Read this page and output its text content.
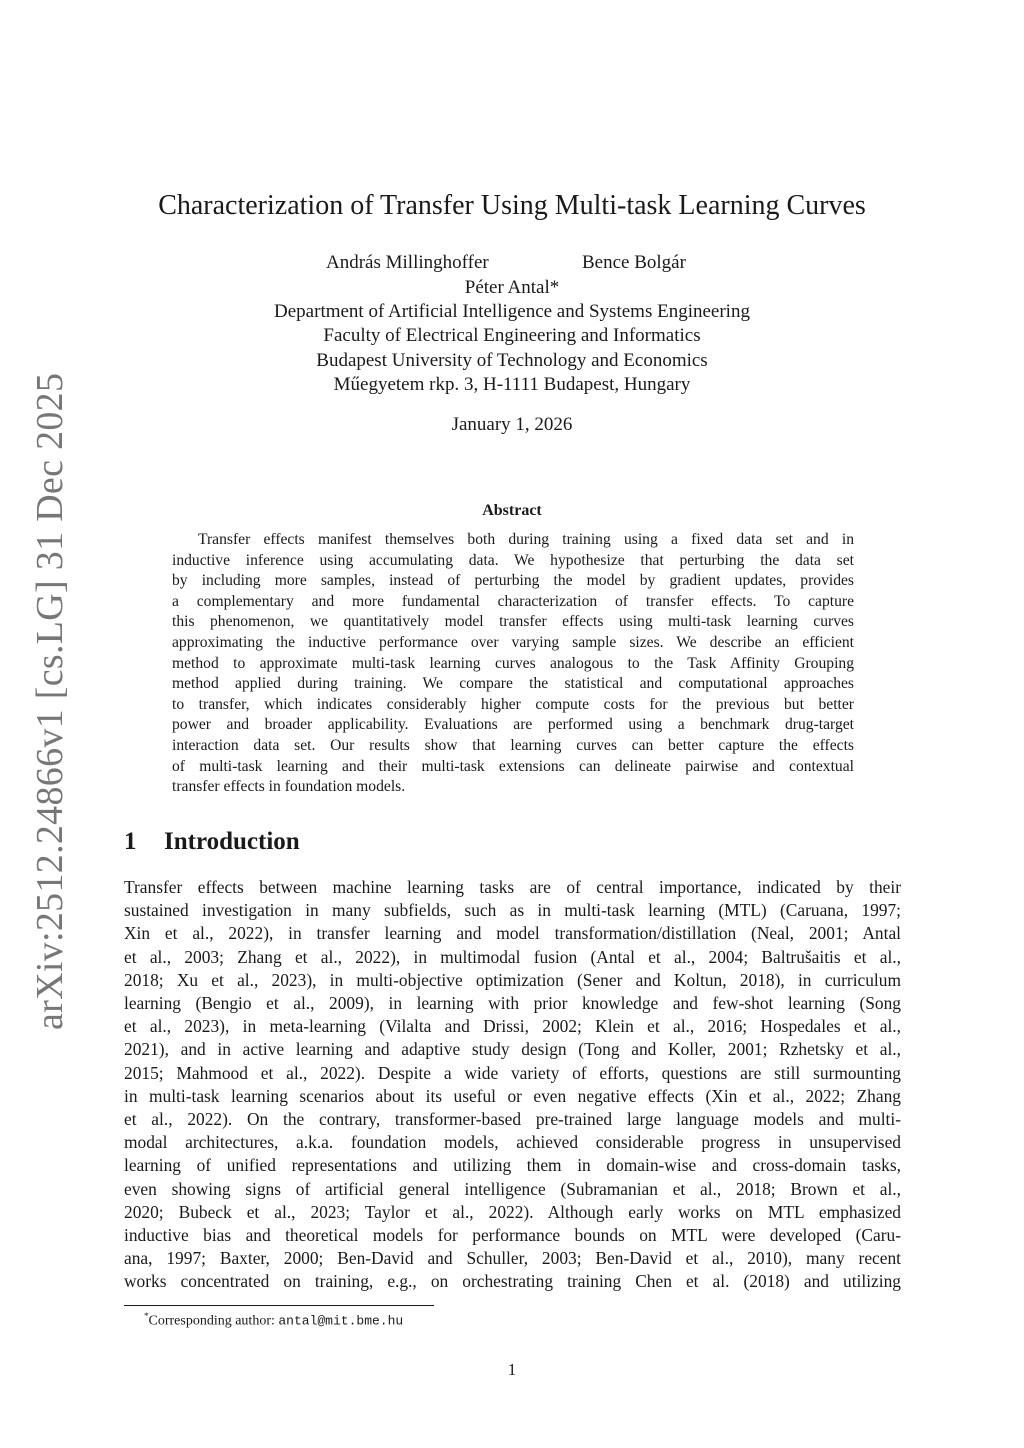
arXiv:2512.24866v1 [cs.LG] 31 Dec 2025
Characterization of Transfer Using Multi-task Learning Curves
András Millinghoffer	Bence Bolgár
Péter Antal*
Department of Artificial Intelligence and Systems Engineering
Faculty of Electrical Engineering and Informatics
Budapest University of Technology and Economics
Műegyetem rkp. 3, H-1111 Budapest, Hungary
January 1, 2026
Abstract
Transfer effects manifest themselves both during training using a fixed data set and in
inductive inference using accumulating data. We hypothesize that perturbing the data set
by including more samples, instead of perturbing the model by gradient updates, provides
a complementary and more fundamental characterization of transfer effects. To capture
this phenomenon, we quantitatively model transfer effects using multi-task learning curves
approximating the inductive performance over varying sample sizes. We describe an efficient
method to approximate multi-task learning curves analogous to the Task Affinity Grouping
method applied during training. We compare the statistical and computational approaches
to transfer, which indicates considerably higher compute costs for the previous but better
power and broader applicability. Evaluations are performed using a benchmark drug-target
interaction data set. Our results show that learning curves can better capture the effects
of multi-task learning and their multi-task extensions can delineate pairwise and contextual
transfer effects in foundation models.
1 Introduction
Transfer effects between machine learning tasks are of central importance, indicated by their
sustained investigation in many subfields, such as in multi-task learning (MTL) (Caruana, 1997;
Xin et al., 2022), in transfer learning and model transformation/distillation (Neal, 2001; Antal
et al., 2003; Zhang et al., 2022), in multimodal fusion (Antal et al., 2004; Baltrušaitis et al.,
2018; Xu et al., 2023), in multi-objective optimization (Sener and Koltun, 2018), in curriculum
learning (Bengio et al., 2009), in learning with prior knowledge and few-shot learning (Song
et al., 2023), in meta-learning (Vilalta and Drissi, 2002; Klein et al., 2016; Hospedales et al.,
2021), and in active learning and adaptive study design (Tong and Koller, 2001; Rzhetsky et al.,
2015; Mahmood et al., 2022). Despite a wide variety of efforts, questions are still surmounting
in multi-task learning scenarios about its useful or even negative effects (Xin et al., 2022; Zhang
et al., 2022). On the contrary, transformer-based pre-trained large language models and multi-
modal architectures, a.k.a. foundation models, achieved considerable progress in unsupervised
learning of unified representations and utilizing them in domain-wise and cross-domain tasks,
even showing signs of artificial general intelligence (Subramanian et al., 2018; Brown et al.,
2020; Bubeck et al., 2023; Taylor et al., 2022). Although early works on MTL emphasized
inductive bias and theoretical models for performance bounds on MTL were developed (Caru-
ana, 1997; Baxter, 2000; Ben-David and Schuller, 2003; Ben-David et al., 2010), many recent
works concentrated on training, e.g., on orchestrating training Chen et al. (2018) and utilizing
*Corresponding author: antal@mit.bme.hu
1
